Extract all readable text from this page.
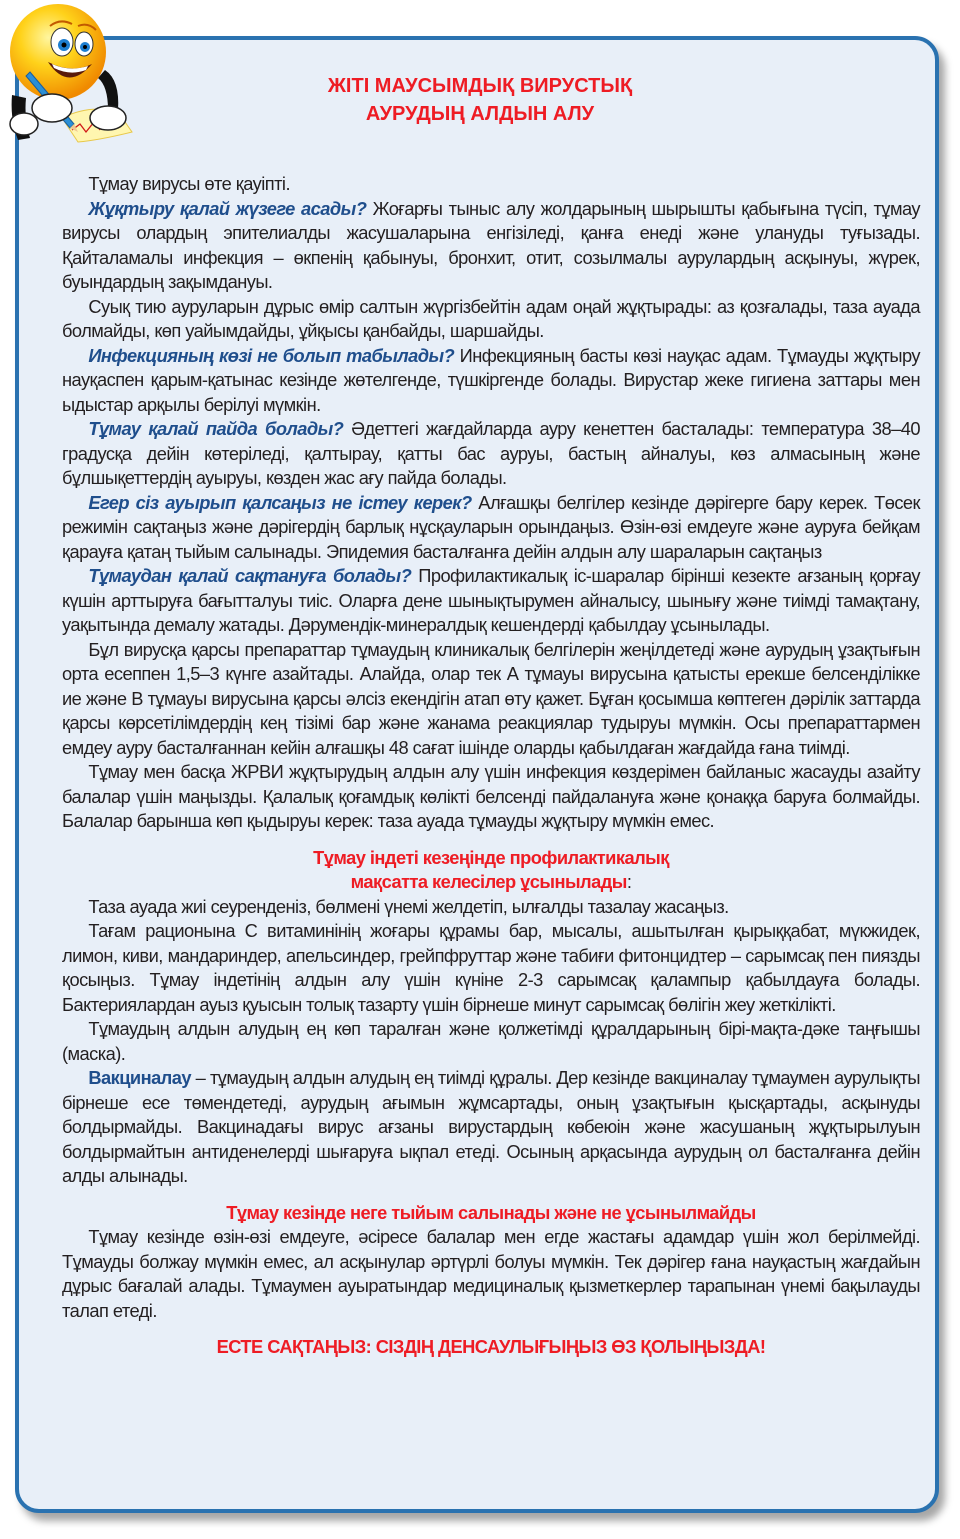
ЖІТІ МАУСЫМДЫҚ ВИРУСТЫҚ
АУРУДЫҢ АЛДЫН АЛУ

  Тұмау вирусы өте қауіпті.

  Жұқтыру қалай жүзеге асады? Жоғарғы тыныс алу жолдарының шырышты қабығына түсіп, тұмау вирусы олардың эпителиалды жасушаларына енгізіледі, қанға енеді және улануды туғызады. Қайталамалы инфекция – өкпенің қабынуы, бронхит, отит, созылмалы аурулардың асқынуы, жүрек, буындардың зақымдануы.

  Суық тию ауруларын дұрыс өмір салтын жүргізбейтін адам оңай жұқтырады: аз қозғалады, таза ауада болмайды, көп уайымдайды, ұйқысы қанбайды, шаршайды.

  Инфекцияның көзі не болып табылады? Инфекцияның басты көзі науқас адам. Тұмауды жұқтыру науқаспен қарым-қатынас кезінде жөтелгенде, түшкіргенде болады. Вирустар жеке гигиена заттары мен ыдыстар арқылы берілуі мүмкін.

  Тұмау қалай пайда болады? Әдеттегі жағдайларда ауру кенеттен басталады: температура 38–40 градусқа дейін көтеріледі, қалтырау, қатты бас ауруы, бастың айналуы, көз алмасының және бұлшықеттердің ауыруы, көзден жас ағу пайда болады.

  Егер сіз ауырып қалсаңыз не істеу керек? Алғашқы белгілер кезінде дәрігерге бару керек. Төсек режимін сақтаңыз және дәрігердің барлық нұсқауларын орындаңыз. Өзін-өзі емдеуге және ауруға бейқам қарауға қатаң тыйым салынады. Эпидемия басталғанға дейін алдын алу шараларын сақтаңыз

  Тұмаудан қалай сақтануға болады? Профилактикалық іс-шаралар бірінші кезекте ағзаның қорғау күшін арттыруға бағытталуы тиіс. Оларға дене шынықтырумен айналысу, шынығу және тиімді тамақтану, уақытында демалу жатады. Дәрумендік-минералдық кешендерді қабылдау ұсынылады.

  Бұл вирусқа қарсы препараттар тұмаудың клиникалық белгілерін жеңілдетеді және аурудың ұзақтығын орта есеппен 1,5–3 күнге азайтады. Алайда, олар тек А тұмауы вирусына қатысты ерекше белсенділікке ие және В тұмауы вирусына қарсы әлсіз екендігін атап өту қажет. Бұған қосымша көптеген дәрілік заттарда қарсы көрсетілімдердің кең тізімі бар және жанама реакциялар тудыруы мүмкін. Осы препараттармен емдеу ауру басталғаннан кейін алғашқы 48 сағат ішінде оларды қабылдаған жағдайда ғана тиімді.

  Тұмау мен басқа ЖРВИ жұқтырудың алдын алу үшін инфекция көздерімен байланыс жасауды азайту балалар үшін маңызды. Қалалық қоғамдық көлікті белсенді пайдалануға және қонаққа баруға болмайды. Балалар барынша көп қыдыруы керек: таза ауада тұмауды жұқтыру мүмкін емес.

Тұмау індеті кезеңінде профилактикалық
мақсатта келесілер ұсынылады:

  Таза ауада жиі сеуренденіз, бөлмені үнемі желдетіп, ылғалды тазалау жасаңыз.

  Тағам рационына С витаминінің жоғары құрамы бар, мысалы, ашытылған қырыққабат, мүкжидек, лимон, киви, мандариндер, апельсиндер, грейпфруттар және табиғи фитонцидтер – сарымсақ пен пиязды қосыңыз. Тұмау індетінің алдын алу үшін күніне 2-3 сарымсақ қалампыр қабылдауға болады. Бактериялардан ауыз қуысын толық тазарту үшін бірнеше минут сарымсақ бөлігін жеу жеткілікті.

  Тұмаудың алдын алудың ең көп таралған және қолжетімді құралдарының бірі-мақта-дәке таңғышы (маска).

  Вакциналау – тұмаудың алдын алудың ең тиімді құралы. Дер кезінде вакциналау тұмаумен аурулықты бірнеше есе төмендетеді, аурудың ағымын жұмсартады, оның ұзақтығын қысқартады, асқынуды болдырмайды. Вакцинадағы вирус ағзаны вирустардың көбеюін және жасушаның жұқтырылуын болдырмайтын антиденелерді шығаруға ықпал етеді. Осының арқасында аурудың ол басталғанға дейін алды алынады.

Тұмау кезінде неге тыйым салынады және не ұсынылмайды

  Тұмау кезінде өзін-өзі емдеуге, әсіресе балалар мен егде жастағы адамдар үшін жол берілмейді. Тұмауды болжау мүмкін емес, ал асқынулар әртүрлі болуы мүмкін. Тек дәрігер ғана науқастың жағдайын дұрыс бағалай алады. Тұмаумен ауыратындар медициналық қызметкерлер тарапынан үнемі бақылауды талап етеді.

ЕСТЕ САҚТАҢЫЗ: СІЗДІҢ ДЕНСАУЛЫҒЫҢЫЗ ӨЗ ҚОЛЫҢЫЗДА!
